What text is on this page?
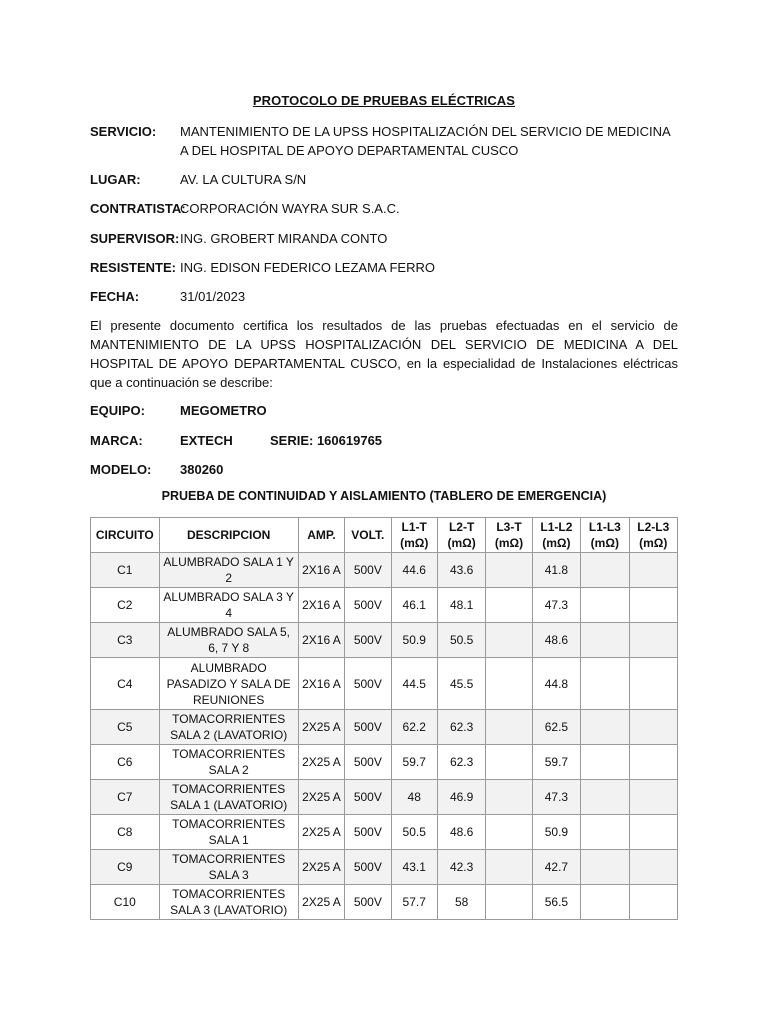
PROTOCOLO DE PRUEBAS ELÉCTRICAS
SERVICIO: MANTENIMIENTO DE LA UPSS HOSPITALIZACIÓN DEL SERVICIO DE MEDICINA A DEL HOSPITAL DE APOYO DEPARTAMENTAL CUSCO
LUGAR:	AV. LA CULTURA S/N
CONTRATISTA:
CORPORACIÓN WAYRA SUR S.A.C.
SUPERVISOR: ING. GROBERT MIRANDA CONTO
RESISTENTE: ING. EDISON FEDERICO LEZAMA FERRO
FECHA:	31/01/2023
El presente documento certifica los resultados de las pruebas efectuadas en el servicio de MANTENIMIENTO DE LA UPSS HOSPITALIZACIÓN DEL SERVICIO DE MEDICINA A DEL HOSPITAL DE APOYO DEPARTAMENTAL CUSCO, en la especialidad de Instalaciones eléctricas que a continuación se describe:
EQUIPO:	MEGOMETRO
MARCA:	EXTECH	SERIE: 160619765
MODELO: 380260
PRUEBA DE CONTINUIDAD Y AISLAMIENTO (TABLERO DE EMERGENCIA)
CIRCUITO	DESCRIPCION	AMP.	VOLT.	L1-T (mΩ)	L2-T (mΩ)	L3-T (mΩ)	L1-L2 (mΩ)	L1-L3 (mΩ)	L2-L3 (mΩ)
C1	ALUMBRADO SALA 1 Y 2	2X16 A	500V	44.6	43.6		41.8		
C2	ALUMBRADO SALA 3 Y 4	2X16 A	500V	46.1	48.1		47.3		
C3	ALUMBRADO SALA 5, 6, 7 Y 8	2X16 A	500V	50.9	50.5		48.6		
C4	ALUMBRADO PASADIZO Y SALA DE REUNIONES	2X16 A	500V	44.5	45.5		44.8		
C5	TOMACORRIENTES SALA 2 (LAVATORIO)	2X25 A	500V	62.2	62.3		62.5		
C6	TOMACORRIENTES SALA 2	2X25 A	500V	59.7	62.3		59.7		
C7	TOMACORRIENTES SALA 1 (LAVATORIO)	2X25 A	500V	48	46.9		47.3		
C8	TOMACORRIENTES SALA 1	2X25 A	500V	50.5	48.6		50.9		
C9	TOMACORRIENTES SALA 3	2X25 A	500V	43.1	42.3		42.7		
C10	TOMACORRIENTES SALA 3 (LAVATORIO)	2X25 A	500V	57.7	58		56.5		
